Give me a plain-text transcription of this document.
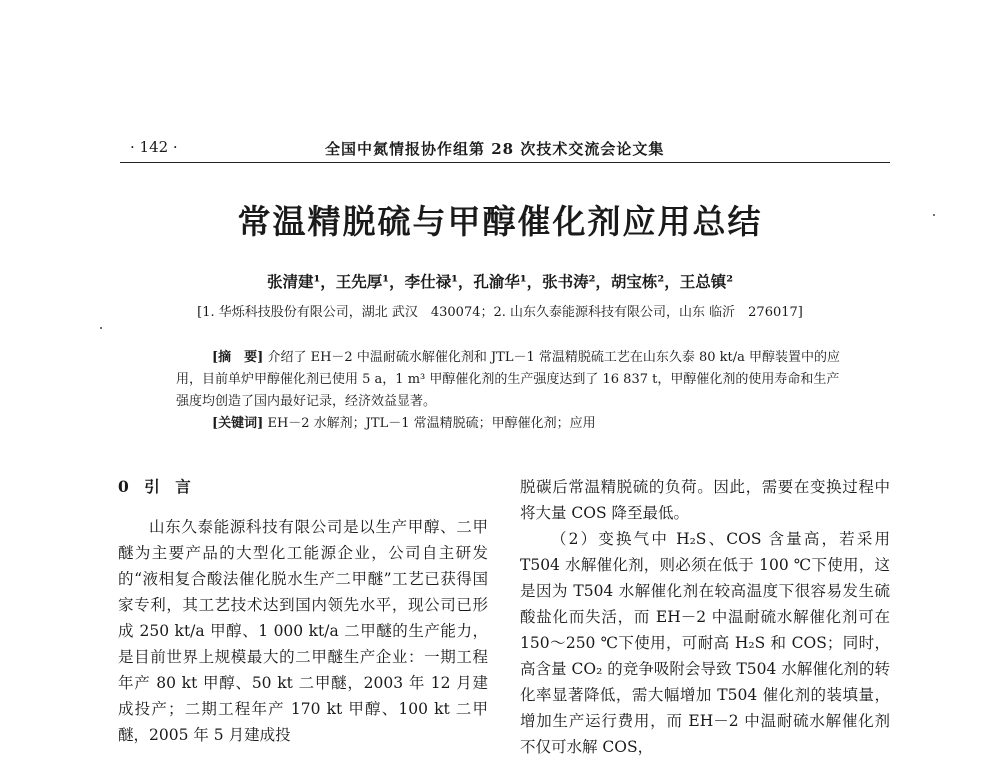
· 142 ·	全国中氮情报协作组第 28 次技术交流会论文集
常温精脱硫与甲醇催化剂应用总结
张清建¹，王先厚¹，李仕禄¹，孔渝华¹，张书涛²，胡宝栋²，王总镇²
[1. 华烁科技股份有限公司，湖北 武汉　430074；2. 山东久泰能源科技有限公司，山东 临沂　276017]

[摘　要] 介绍了 EH－2 中温耐硫水解催化剂和 JTL－1 常温精脱硫工艺在山东久泰 80 kt/a 甲醇装置中的应用，目前单炉甲醇催化剂已使用 5 a，1 m³ 甲醇催化剂的生产强度达到了 16 837 t，甲醇催化剂的使用寿命和生产强度均创造了国内最好记录，经济效益显著。

[关键词] EH－2 水解剂；JTL－1 常温精脱硫；甲醇催化剂；应用

0　引　言

山东久泰能源科技有限公司是以生产甲醇、二甲醚为主要产品的大型化工能源企业，公司自主研发的“液相复合酸法催化脱水生产二甲醚”工艺已获得国家专利，其工艺技术达到国内领先水平，现公司已形成 250 kt/a 甲醇、1 000 kt/a 二甲醚的生产能力，是目前世界上规模最大的二甲醚生产企业：一期工程年产 80 kt 甲醇、50 kt 二甲醚，2003 年 12 月建成投产；二期工程年产 170 kt 甲醇、100 kt 二甲醚，2005 年 5 月建成投

脱碳后常温精脱硫的负荷。因此，需要在变换过程中将大量 COS 降至最低。

（2）变换气中 H₂S、COS 含量高，若采用 T504 水解催化剂，则必须在低于 100 ℃下使用，这是因为 T504 水解催化剂在较高温度下很容易发生硫酸盐化而失活，而 EH－2 中温耐硫水解催化剂可在 150～250 ℃下使用，可耐高 H₂S 和 COS；同时，高含量 CO₂ 的竞争吸附会导致 T504 水解催化剂的转化率显著降低，需大幅增加 T504 催化剂的装填量，增加生产运行费用，而 EH－2 中温耐硫水解催化剂不仅可水解 COS，
